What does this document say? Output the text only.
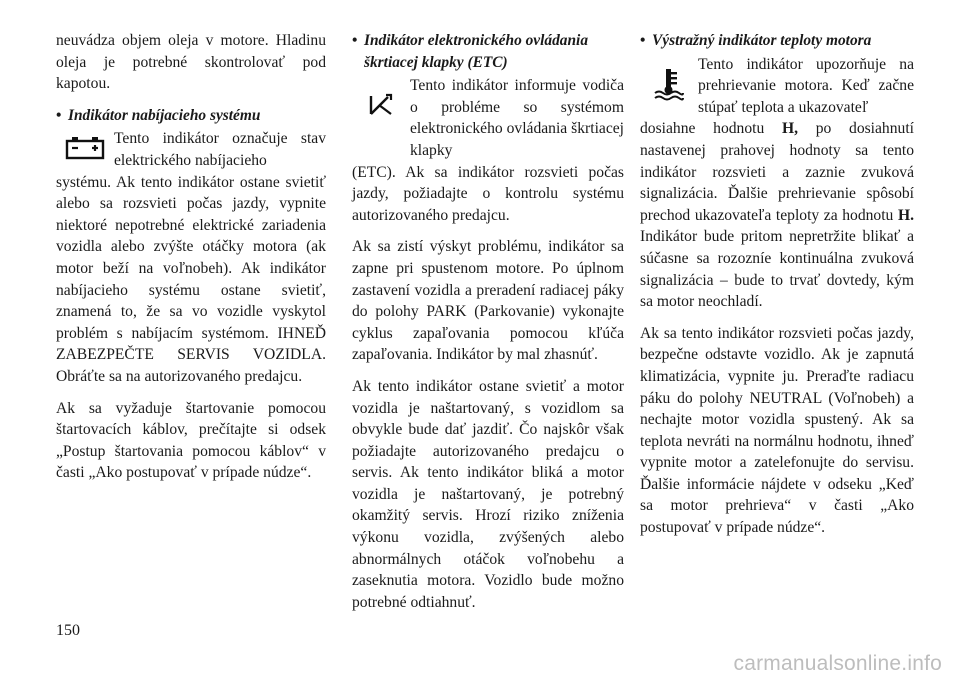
neuvádza objem oleja v motore. Hladinu oleja je potrebné skontrolovať pod kapotou.

• Indikátor nabíjacieho systému
Tento indikátor označuje stav elektrického nabíjacieho

systému. Ak tento indikátor ostane svietiť alebo sa rozsvieti počas jazdy, vypnite niektoré nepotrebné elektrické zariadenia vozidla alebo zvýšte otáčky motora (ak motor beží na voľnobeh). Ak indikátor nabíjacieho systému ostane svietiť, znamená to, že sa vo vozidle vyskytol problém s nabíjacím systémom. IHNEĎ ZABEZPEČTE SERVIS VOZIDLA. Obráťte sa na autorizovaného predajcu.

Ak sa vyžaduje štartovanie pomocou štartovacích káblov, prečítajte si odsek „Postup štartovania pomocou káblov“ v časti „Ako postupovať v prípade núdze“.

• Indikátor elektronického ovládania
škrtiacej klapky (ETC)
Tento indikátor informuje vodiča o probléme so systémom elektronického ovládania škrtiacej klapky

(ETC). Ak sa indikátor rozsvieti počas jazdy, požiadajte o kontrolu systému autorizovaného predajcu.

Ak sa zistí výskyt problému, indikátor sa zapne pri spustenom motore. Po úplnom zastavení vozidla a preradení radiacej páky do polohy PARK (Parkovanie) vykonajte cyklus zapaľovania pomocou kľúča zapaľovania. Indikátor by mal zhasnúť.

Ak tento indikátor ostane svietiť a motor vozidla je naštartovaný, s vozidlom sa obvykle bude dať jazdiť. Čo najskôr však požiadajte autorizovaného predajcu o servis. Ak tento indikátor bliká a motor vozidla je naštartovaný, je potrebný okamžitý servis. Hrozí riziko zníženia výkonu vozidla, zvýšených alebo abnormálnych otáčok voľnobehu a zaseknutia motora. Vozidlo bude možno potrebné odtiahnuť.

• Výstražný indikátor teploty motora
Tento indikátor upozorňuje na prehrievanie motora. Keď začne stúpať teplota a ukazovateľ

dosiahne hodnotu H, po dosiahnutí nastavenej prahovej hodnoty sa tento indikátor rozsvieti a zaznie zvuková signalizácia. Ďalšie prehrievanie spôsobí prechod ukazovateľa teploty za hodnotu H. Indikátor bude pritom nepretržite blikať a súčasne sa rozozníe kontinuálna zvuková signalizácia – bude to trvať dovtedy, kým sa motor neochladí.

Ak sa tento indikátor rozsvieti počas jazdy, bezpečne odstavte vozidlo. Ak je zapnutá klimatizácia, vypnite ju. Preraďte radiacu páku do polohy NEUTRAL (Voľnobeh) a nechajte motor vozidla spustený. Ak sa teplota nevráti na normálnu hodnotu, ihneď vypnite motor a zatelefonujte do servisu. Ďalšie informácie nájdete v odseku „Keď sa motor prehrieva“ v časti „Ako postupovať v prípade núdze“.

150
carmanualsonline.info
